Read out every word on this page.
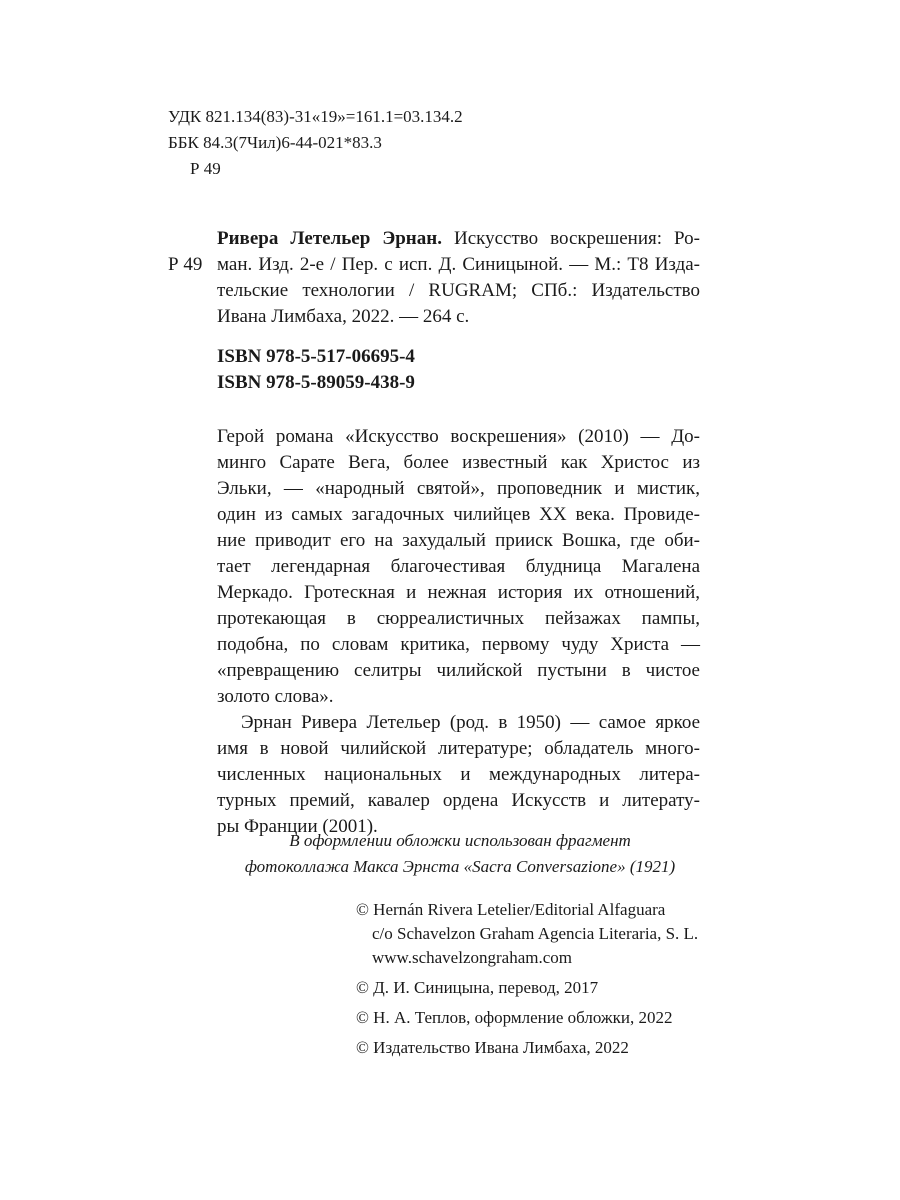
УДК 821.134(83)-31«19»=161.1=03.134.2
ББК 84.3(7Чил)6-44-021*83.3
Р 49
Р 49
Ривера Летельер Эрнан. Искусство воскрешения: Ро-
ман. Изд. 2-е / Пер. с исп. Д. Синицыной. — М.: Т8 Изда-
тельские технологии / RUGRAM; СПб.: Издательство
Ивана Лимбаха, 2022. — 264 с.
ISBN 978-5-517-06695-4
ISBN 978-5-89059-438-9
Герой романа «Искусство воскрешения» (2010) — До-
минго Сарате Вега, более известный как Христос из
Эльки, — «народный святой», проповедник и мистик,
один из самых загадочных чилийцев XX века. Провиде-
ние приводит его на захудалый прииск Вошка, где оби-
тает легендарная благочестивая блудница Магалена
Меркадо. Гротескная и нежная история их отношений,
протекающая в сюрреалистичных пейзажах пампы,
подобна, по словам критика, первому чуду Христа —
«превращению селитры чилийской пустыни в чистое
золото слова».
Эрнан Ривера Летельер (род. в 1950) — самое яркое
имя в новой чилийской литературе; обладатель много-
численных национальных и международных литера-
турных премий, кавалер ордена Искусств и литерату-
ры Франции (2001).
В оформлении обложки использован фрагмент
фотоколлажа Макса Эрнста «Sacra Conversazione» (1921)
© Hernán Rivera Letelier/Editorial Alfaguara
c/o Schavelzon Graham Agencia Literaria, S. L.
www.schavelzongraham.com
© Д. И. Синицына, перевод, 2017
© Н. А. Теплов, оформление обложки, 2022
© Издательство Ивана Лимбаха, 2022
